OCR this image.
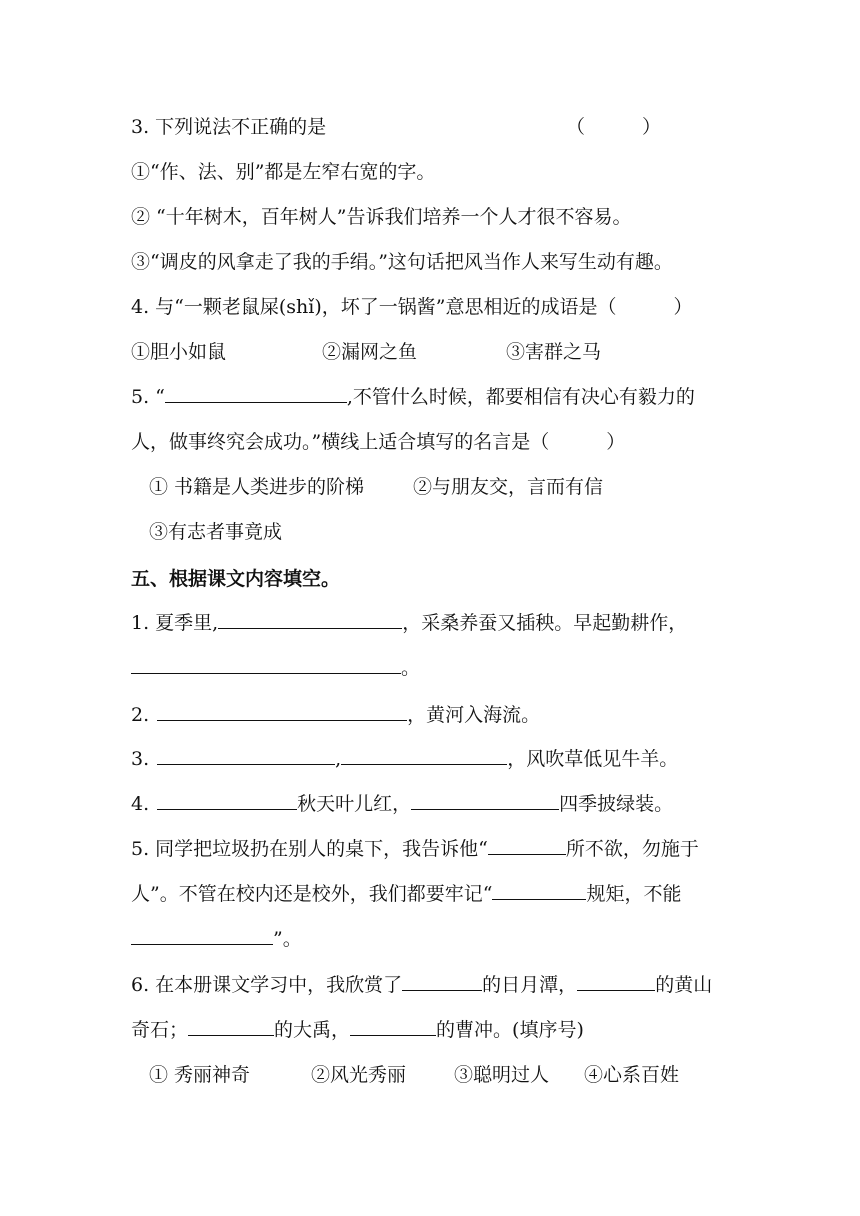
3. 下列说法不正确的是	（　　　）
①“作、法、别”都是左窄右宽的字。
② “十年树木，百年树人”告诉我们培养一个人才很不容易。
③“调皮的风拿走了我的手绢。”这句话把风当作人来写生动有趣。
4. 与“一颗老鼠屎(shǐ)，坏了一锅酱”意思相近的成语是（　　　）
①胆小如鼠	②漏网之鱼	③害群之马
5. “	,不管什么时候，都要相信有决心有毅力的
人，做事终究会成功。”横线上适合填写的名言是（　　　）
① 书籍是人类进步的阶梯	②与朋友交，言而有信
③有志者事竟成
五、根据课文内容填空。
1. 夏季里,	，采桑养蚕又插秧。早起勤耕作，
。
2.	，黄河入海流。
3.	,	，风吹草低见牛羊。
4.	秋天叶儿红，	四季披绿装。
5. 同学把垃圾扔在别人的桌下，我告诉他“	所不欲，勿施于
人”。不管在校内还是校外，我们都要牢记“	规矩，不能
”。
6. 在本册课文学习中，我欣赏了	的日月潭，	的黄山
奇石；	的大禹，	的曹冲。(填序号)
① 秀丽神奇	②风光秀丽	③聪明过人 ④心系百姓
